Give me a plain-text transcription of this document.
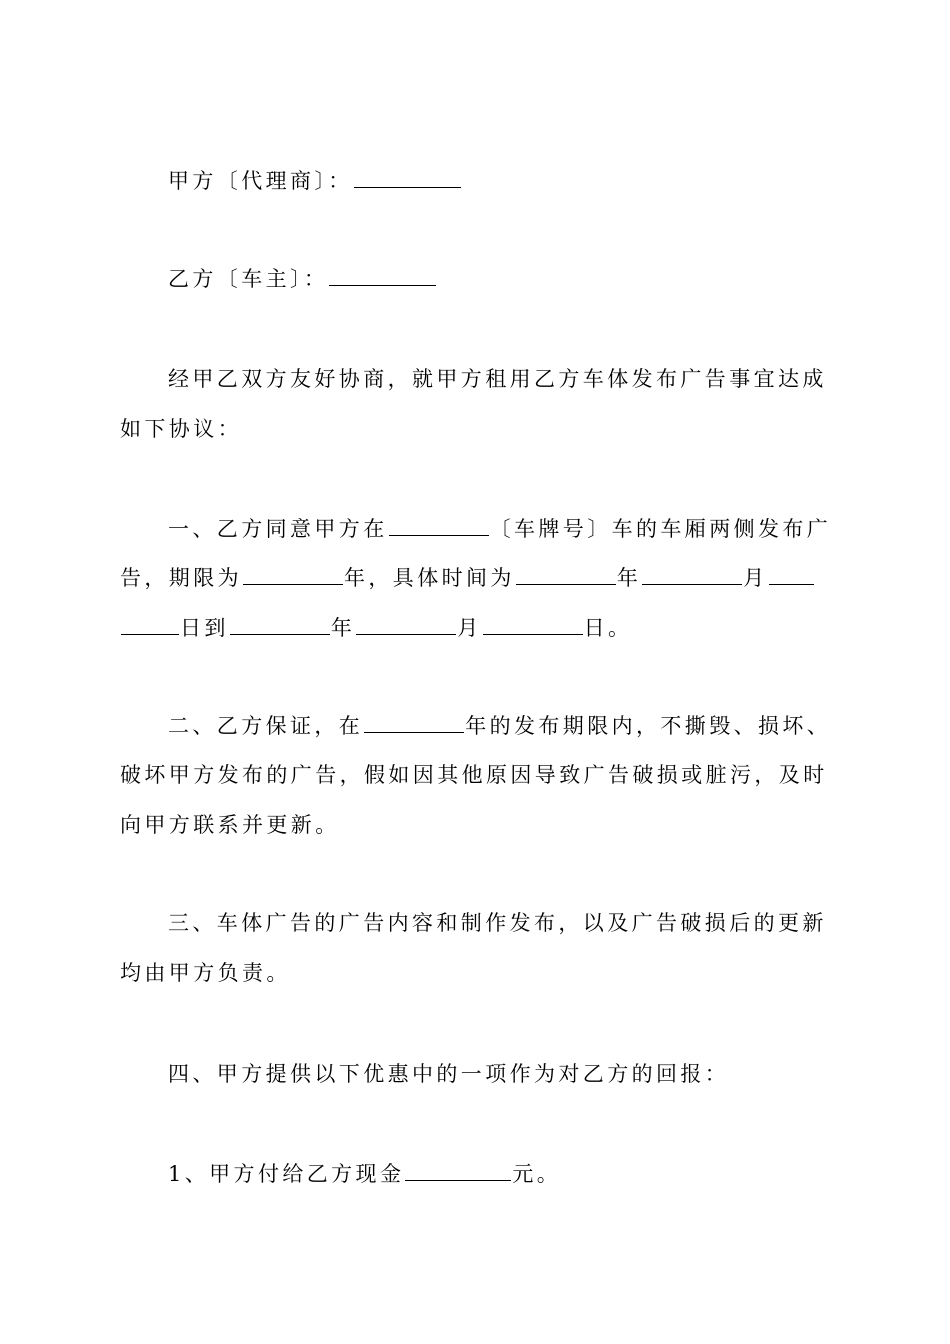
甲方〔代理商〕：
乙方〔车主〕：
经甲乙双方友好协商，就甲方租用乙方车体发布广告事宜达成
如下协议：
一、乙方同意甲方在	〔车牌号〕车的车厢两侧发布广
告，期限为	年，具体时间为	年	月
日到	年	月	日。
二、乙方保证，在	年的发布期限内，不撕毁、损坏、
破坏甲方发布的广告，假如因其他原因导致广告破损或脏污，及时
向甲方联系并更新。
三、车体广告的广告内容和制作发布，以及广告破损后的更新
均由甲方负责。
四、甲方提供以下优惠中的一项作为对乙方的回报：
1、甲方付给乙方现金	元。
